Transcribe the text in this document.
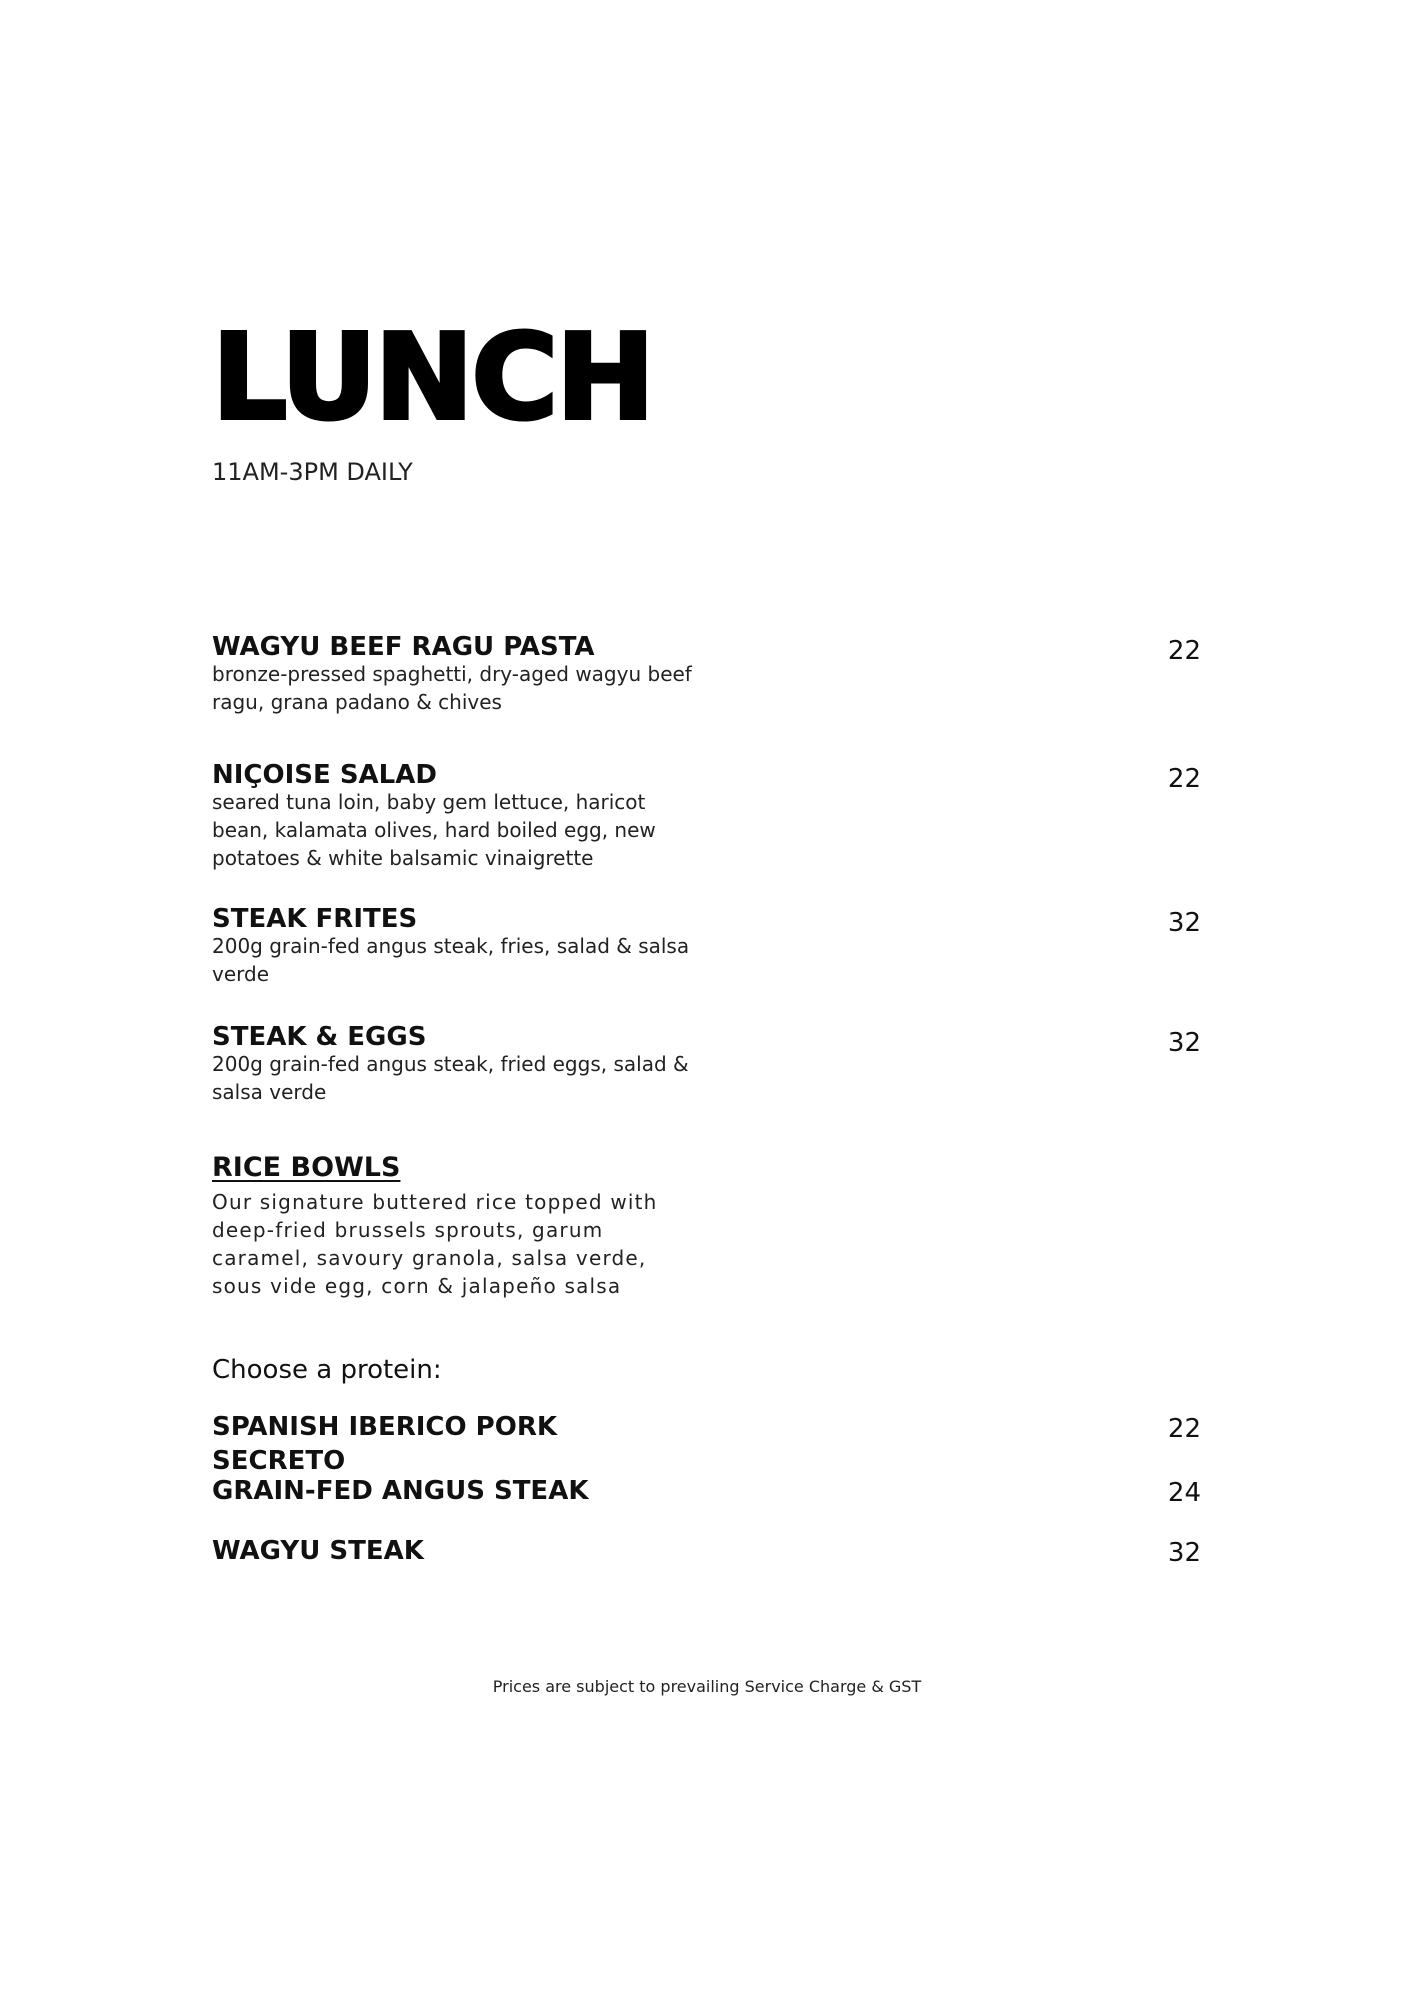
LUNCH
11AM-3PM DAILY
WAGYU BEEF RAGU PASTA
bronze-pressed spaghetti, dry-aged wagyu beef ragu, grana padano & chives
22
NIÇOISE SALAD
seared tuna loin, baby gem lettuce, haricot bean, kalamata olives, hard boiled egg, new potatoes & white balsamic vinaigrette
22
STEAK FRITES
200g grain-fed angus steak, fries, salad & salsa verde
32
STEAK & EGGS
200g grain-fed angus steak, fried eggs, salad & salsa verde
32
RICE BOWLS
Our signature buttered rice topped with deep-fried brussels sprouts, garum caramel, savoury granola, salsa verde, sous vide egg, corn & jalapeño salsa
Choose a protein:
SPANISH IBERICO PORK SECRETO
22
GRAIN-FED ANGUS STEAK	24
WAGYU STEAK	32
Prices are subject to prevailing Service Charge & GST
